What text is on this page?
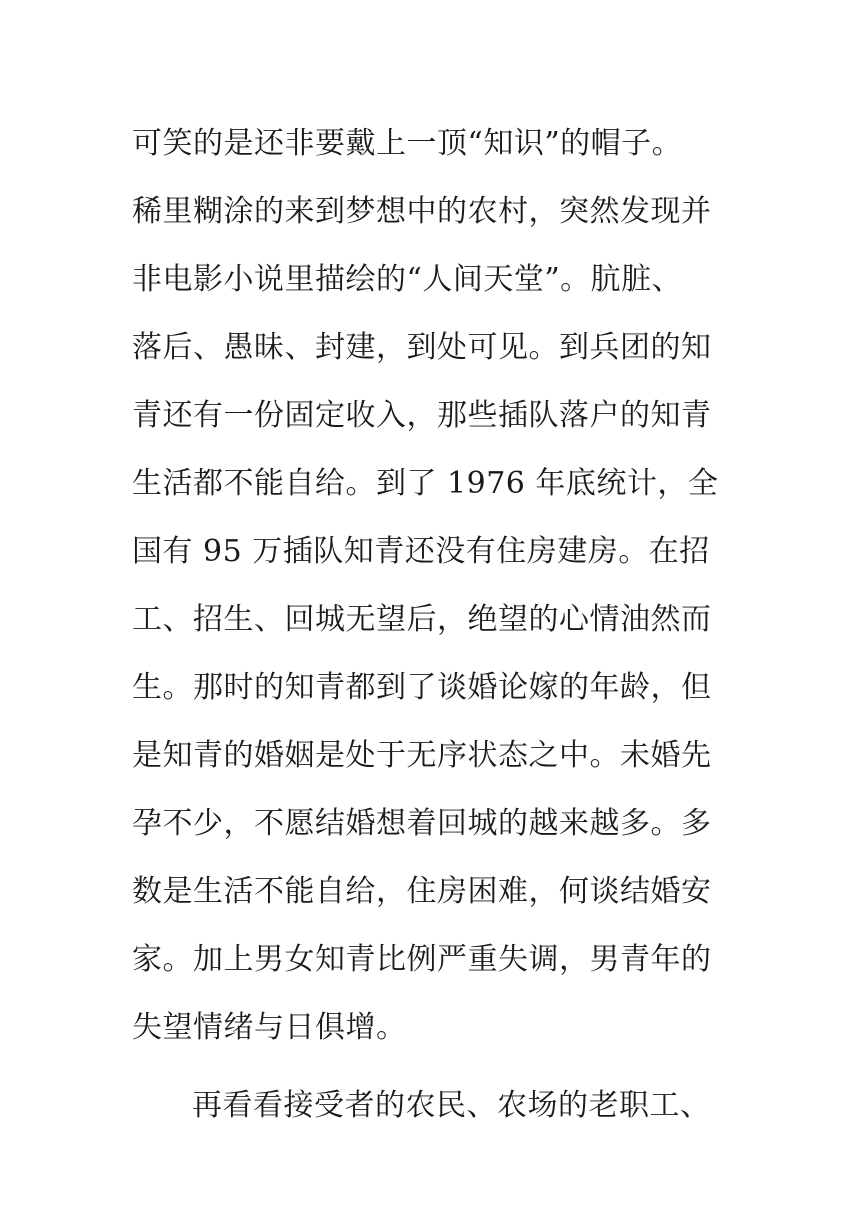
可笑的是还非要戴上一顶“知识”的帽子。
稀里糊涂的来到梦想中的农村，突然发现并
非电影小说里描绘的“人间天堂”。肮脏、
落后、愚昧、封建，到处可见。到兵团的知
青还有一份固定收入，那些插队落户的知青
生活都不能自给。到了 1976 年底统计，全
国有 95 万插队知青还没有住房建房。在招
工、招生、回城无望后，绝望的心情油然而
生。那时的知青都到了谈婚论嫁的年龄，但
是知青的婚姻是处于无序状态之中。未婚先
孕不少，不愿结婚想着回城的越来越多。多
数是生活不能自给，住房困难，何谈结婚安
家。加上男女知青比例严重失调，男青年的
失望情绪与日俱增。
再看看接受者的农民、农场的老职工、
